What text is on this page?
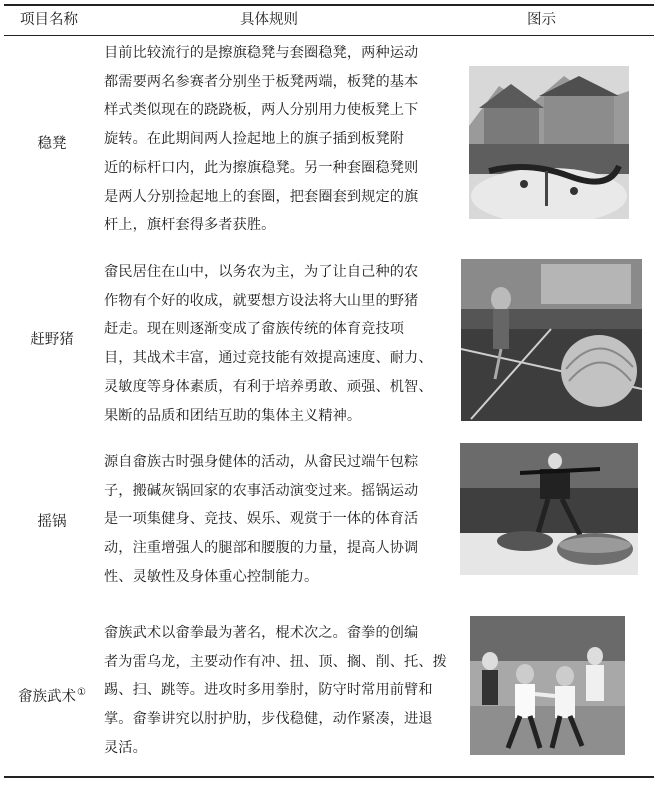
项目名称	具体规则	图示
稳凳
目前比较流行的是擦旗稳凳与套圈稳凳，两种运动
都需要两名参赛者分别坐于板凳两端，板凳的基本
样式类似现在的跷跷板，两人分别用力使板凳上下
旋转。在此期间两人捡起地上的旗子插到板凳附
近的标杆口内，此为擦旗稳凳。另一种套圈稳凳则
是两人分别捡起地上的套圈，把套圈套到规定的旗
杆上，旗杆套得多者获胜。
赶野猪
畲民居住在山中，以务农为主，为了让自己种的农
作物有个好的收成，就要想方设法将大山里的野猪
赶走。现在则逐渐变成了畲族传统的体育竞技项
目，其战术丰富，通过竞技能有效提高速度、耐力、
灵敏度等身体素质，有利于培养勇敢、顽强、机智、
果断的品质和团结互助的集体主义精神。
摇锅
源自畲族古时强身健体的活动，从畲民过端午包粽
子，搬碱灰锅回家的农事活动演变过来。摇锅运动
是一项集健身、竞技、娱乐、观赏于一体的体育活
动，注重增强人的腿部和腰腹的力量，提高人协调
性、灵敏性及身体重心控制能力。
畲族武术①
畲族武术以畲拳最为著名，棍术次之。畲拳的创编
者为雷乌龙，主要动作有冲、扭、顶、搁、削、托、拨
踢、扫、跳等。进攻时多用拳肘，防守时常用前臂和
掌。畲拳讲究以肘护肋，步伐稳健，动作紧凑，进退
灵活。
